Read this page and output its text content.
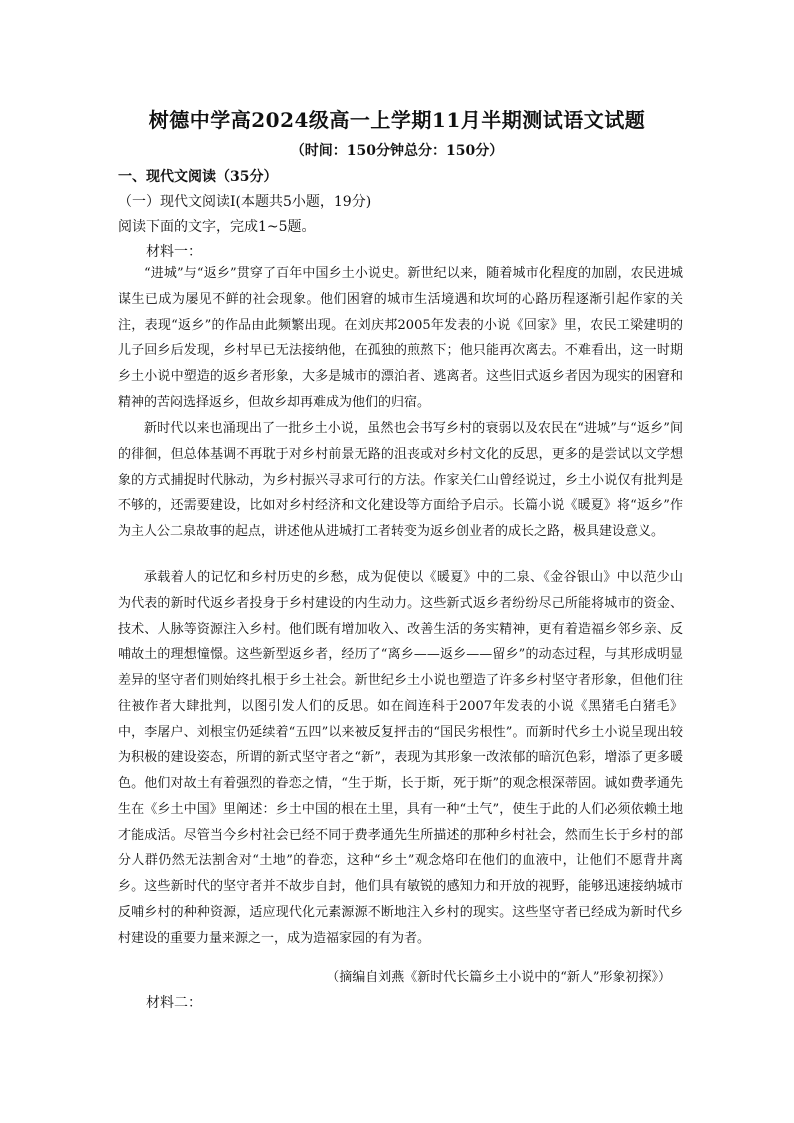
树德中学高2024级高一上学期11月半期测试语文试题
（时间：150分钟总分：150分）
一、现代文阅读（35分）
（一）现代文阅读Ⅰ(本题共5小题，19分)
阅读下面的文字，完成1~5题。
材料一：

“进城”与“返乡”贯穿了百年中国乡土小说史。新世纪以来，随着城市化程度的加剧，农民进城谋生已成为屡见不鲜的社会现象。他们困窘的城市生活境遇和坎坷的心路历程逐渐引起作家的关注，表现“返乡”的作品由此频繁出现。在刘庆邦2005年发表的小说《回家》里，农民工梁建明的儿子回乡后发现，乡村早已无法接纳他，在孤独的煎熬下；他只能再次离去。不难看出，这一时期乡土小说中塑造的返乡者形象，大多是城市的漂泊者、逃离者。这些旧式返乡者因为现实的困窘和精神的苦闷选择返乡，但故乡却再难成为他们的归宿。

新时代以来也涌现出了一批乡土小说，虽然也会书写乡村的衰弱以及农民在“进城”与“返乡”间的徘徊，但总体基调不再耽于对乡村前景无路的沮丧或对乡村文化的反思，更多的是尝试以文学想象的方式捕捉时代脉动，为乡村振兴寻求可行的方法。作家关仁山曾经说过，乡土小说仅有批判是不够的，还需要建设，比如对乡村经济和文化建设等方面给予启示。长篇小说《暖夏》将“返乡”作为主人公二泉故事的起点，讲述他从进城打工者转变为返乡创业者的成长之路，极具建设意义。

承载着人的记忆和乡村历史的乡愁，成为促使以《暖夏》中的二泉、《金谷银山》中以范少山为代表的新时代返乡者投身于乡村建设的内生动力。这些新式返乡者纷纷尽己所能将城市的资金、技术、人脉等资源注入乡村。他们既有增加收入、改善生活的务实精神，更有着造福乡邻乡亲、反哺故土的理想憧憬。这些新型返乡者，经历了“离乡——返乡——留乡”的动态过程，与其形成明显差异的坚守者们则始终扎根于乡土社会。新世纪乡土小说也塑造了许多乡村坚守者形象，但他们往往被作者大肆批判，以图引发人们的反思。如在阎连科于2007年发表的小说《黑猪毛白猪毛》中，李屠户、刘根宝仍延续着“五四”以来被反复抨击的“国民劣根性”。而新时代乡土小说呈现出较为积极的建设姿态，所谓的新式坚守者之“新”，表现为其形象一改浓郁的暗沉色彩，增添了更多暖色。他们对故土有着强烈的眷恋之情，“生于斯，长于斯，死于斯”的观念根深蒂固。诚如费孝通先生在《乡土中国》里阐述：乡土中国的根在土里，具有一种“土气”，使生于此的人们必须依赖土地才能成活。尽管当今乡村社会已经不同于费孝通先生所描述的那种乡村社会，然而生长于乡村的部分人群仍然无法割舍对“土地”的眷恋，这种“乡土”观念烙印在他们的血液中，让他们不愿背井离乡。这些新时代的坚守者并不故步自封，他们具有敏锐的感知力和开放的视野，能够迅速接纳城市反哺乡村的种种资源，适应现代化元素源源不断地注入乡村的现实。这些坚守者已经成为新时代乡村建设的重要力量来源之一，成为造福家园的有为者。

（摘编自刘燕《新时代长篇乡土小说中的“新人”形象初探》）
材料二：
